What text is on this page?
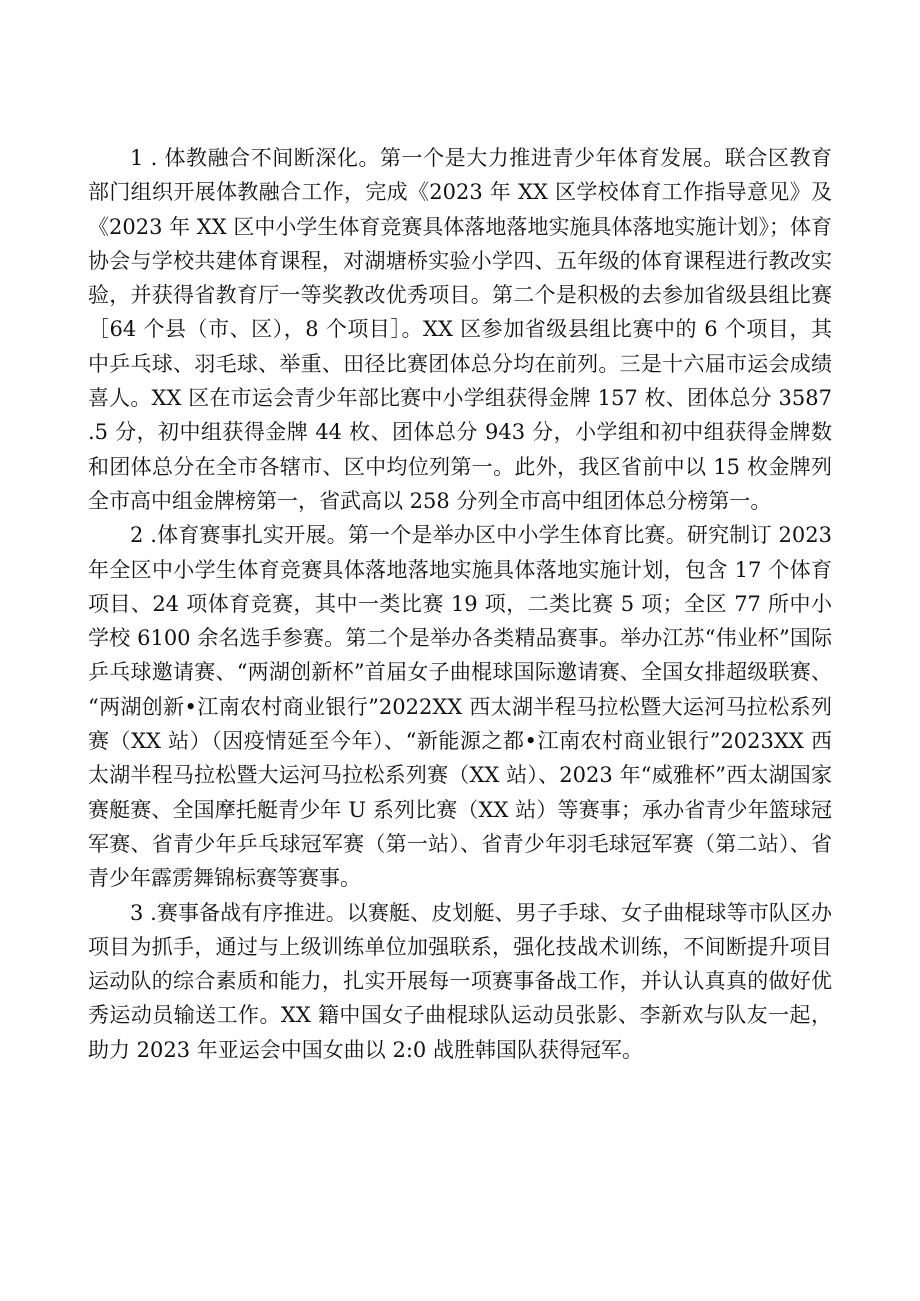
1 . 体教融合不间断深化。第一个是大力推进青少年体育发展。联合区教育部门组织开展体教融合工作，完成《2023 年 XX 区学校体育工作指导意见》及《2023 年 XX 区中小学生体育竞赛具体落地落地实施具体落地实施计划》；体育协会与学校共建体育课程，对湖塘桥实验小学四、五年级的体育课程进行教改实验，并获得省教育厅一等奖教改优秀项目。第二个是积极的去参加省级县组比赛［64 个县（市、区），8 个项目］。XX 区参加省级县组比赛中的 6 个项目，其中乒乓球、羽毛球、举重、田径比赛团体总分均在前列。三是十六届市运会成绩喜人。XX 区在市运会青少年部比赛中小学组获得金牌 157 枚、团体总分 3587.5 分，初中组获得金牌 44 枚、团体总分 943 分，小学组和初中组获得金牌数和团体总分在全市各辖市、区中均位列第一。此外，我区省前中以 15 枚金牌列全市高中组金牌榜第一，省武高以 258 分列全市高中组团体总分榜第一。

2 .体育赛事扎实开展。第一个是举办区中小学生体育比赛。研究制订 2023 年全区中小学生体育竞赛具体落地落地实施具体落地实施计划，包含 17 个体育项目、24 项体育竞赛，其中一类比赛 19 项，二类比赛 5 项；全区 77 所中小学校 6100 余名选手参赛。第二个是举办各类精品赛事。举办江苏“伟业杯”国际乒乓球邀请赛、“两湖创新杯”首届女子曲棍球国际邀请赛、全国女排超级联赛、“两湖创新•江南农村商业银行”2022XX 西太湖半程马拉松暨大运河马拉松系列赛（XX 站）（因疫情延至今年）、“新能源之都•江南农村商业银行”2023XX 西太湖半程马拉松暨大运河马拉松系列赛（XX 站）、2023 年“威雅杯”西太湖国家赛艇赛、全国摩托艇青少年 U 系列比赛（XX 站）等赛事；承办省青少年篮球冠军赛、省青少年乒乓球冠军赛（第一站）、省青少年羽毛球冠军赛（第二站）、省青少年霹雳舞锦标赛等赛事。

3 .赛事备战有序推进。以赛艇、皮划艇、男子手球、女子曲棍球等市队区办项目为抓手，通过与上级训练单位加强联系，强化技战术训练，不间断提升项目运动队的综合素质和能力，扎实开展每一项赛事备战工作，并认认真真的做好优秀运动员输送工作。XX 籍中国女子曲棍球队运动员张影、李新欢与队友一起，助力 2023 年亚运会中国女曲以 2:0 战胜韩国队获得冠军。
